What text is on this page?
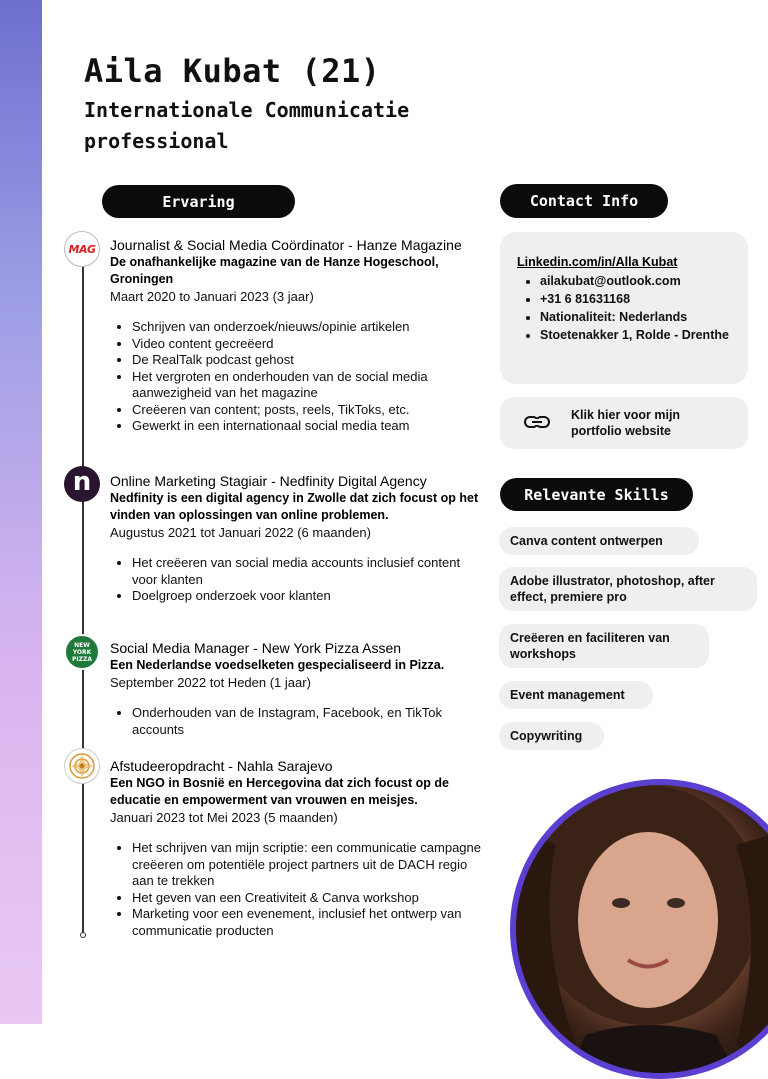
Aila Kubat (21)
Internationale Communicatie
professional
Ervaring	Contact Info
Relevante Skills
MAG
n
NEW YORK PIZZA
Journalist & Social Media Coördinator - Hanze Magazine
De onafhankelijke magazine van de Hanze Hogeschool, Groningen
Maart 2020 to Januari 2023 (3 jaar)
• Schrijven van onderzoek/nieuws/opinie artikelen
• Video content gecreëerd
• De RealTalk podcast gehost
• Het vergroten en onderhouden van de social media aanwezigheid van het magazine
• Creëeren van content; posts, reels, TikToks, etc.
• Gewerkt in een internationaal social media team
Online Marketing Stagiair - Nedfinity Digital Agency
Nedfinity is een digital agency in Zwolle dat zich focust op het vinden van oplossingen van online problemen.
Augustus 2021 tot Januari 2022 (6 maanden)
• Het creëeren van social media accounts inclusief content voor klanten
• Doelgroep onderzoek voor klanten
Social Media Manager - New York Pizza Assen
Een Nederlandse voedselketen gespecialiseerd in Pizza.
September 2022 tot Heden (1 jaar)
• Onderhouden van de Instagram, Facebook, en TikTok accounts
Afstudeeropdracht - Nahla Sarajevo
Een NGO in Bosnië en Hercegovina dat zich focust op de educatie en empowerment van vrouwen en meisjes.
Januari 2023 tot Mei 2023 (5 maanden)
• Het schrijven van mijn scriptie: een communicatie campagne creëeren om potentiële project partners uit de DACH regio aan te trekken
• Het geven van een Creativiteit & Canva workshop
• Marketing voor een evenement, inclusief het ontwerp van communicatie producten
Linkedin.com/in/Alla Kubat
• ailakubat@outlook.com
• +31 6 81631168
• Nationaliteit: Nederlands
• Stoetenakker 1, Rolde - Drenthe
Klik hier voor mijn portfolio website
Canva content ontwerpen
Adobe illustrator, photoshop, after effect, premiere pro
Creëeren en faciliteren van workshops
Event management
Copywriting
